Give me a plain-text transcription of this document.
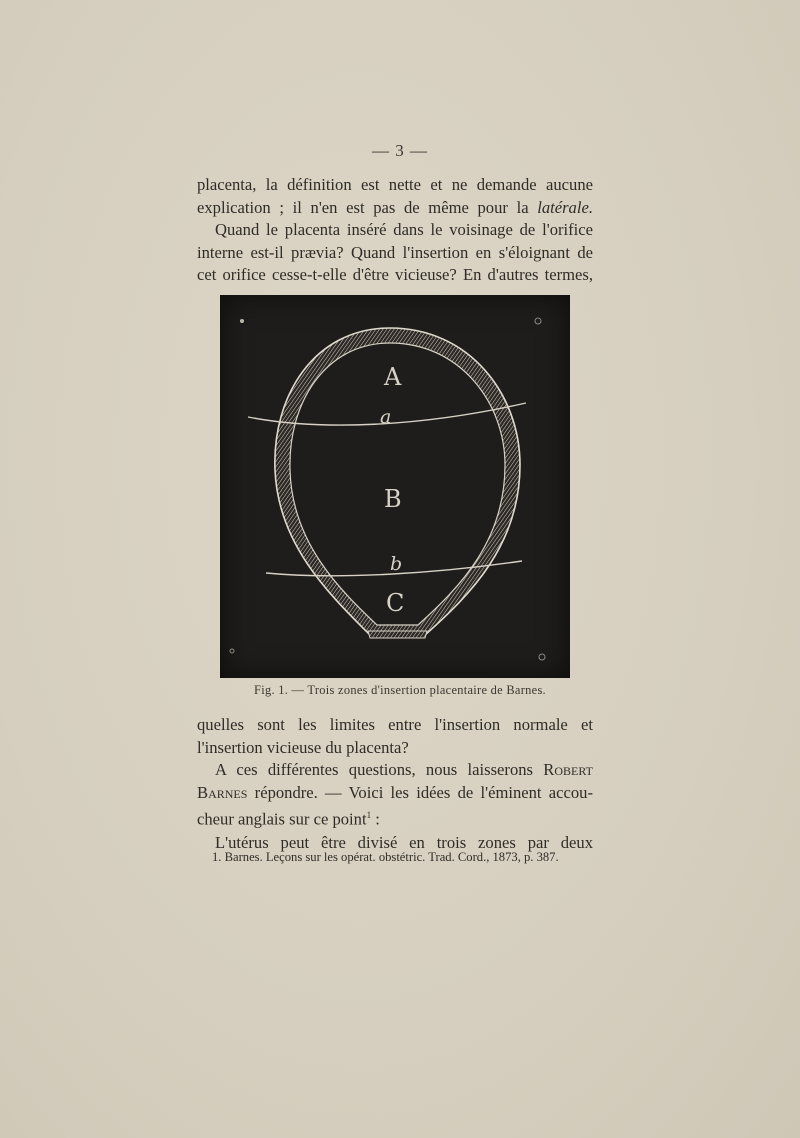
— 3 —
placenta, la définition est nette et ne demande aucune
explication ; il n'en est pas de même pour la latérale.
Quand le placenta inséré dans le voisinage de l'orifice
interne est-il prævia? Quand l'insertion en s'éloignant de
cet orifice cesse-t-elle d'être vicieuse? En d'autres termes,
A
a
B
b
C
Fig. 1. — Trois zones d'insertion placentaire de Barnes.
quelles sont les limites entre l'insertion normale et
l'insertion vicieuse du placenta?
A ces différentes questions, nous laisserons Robert
Barnes répondre. — Voici les idées de l'éminent accou-
cheur anglais sur ce point$^1$ :
L'utérus peut être divisé en trois zones par deux
1. Barnes. Leçons sur les opérat. obstétric. Trad. Cord., 1873, p. 387.
